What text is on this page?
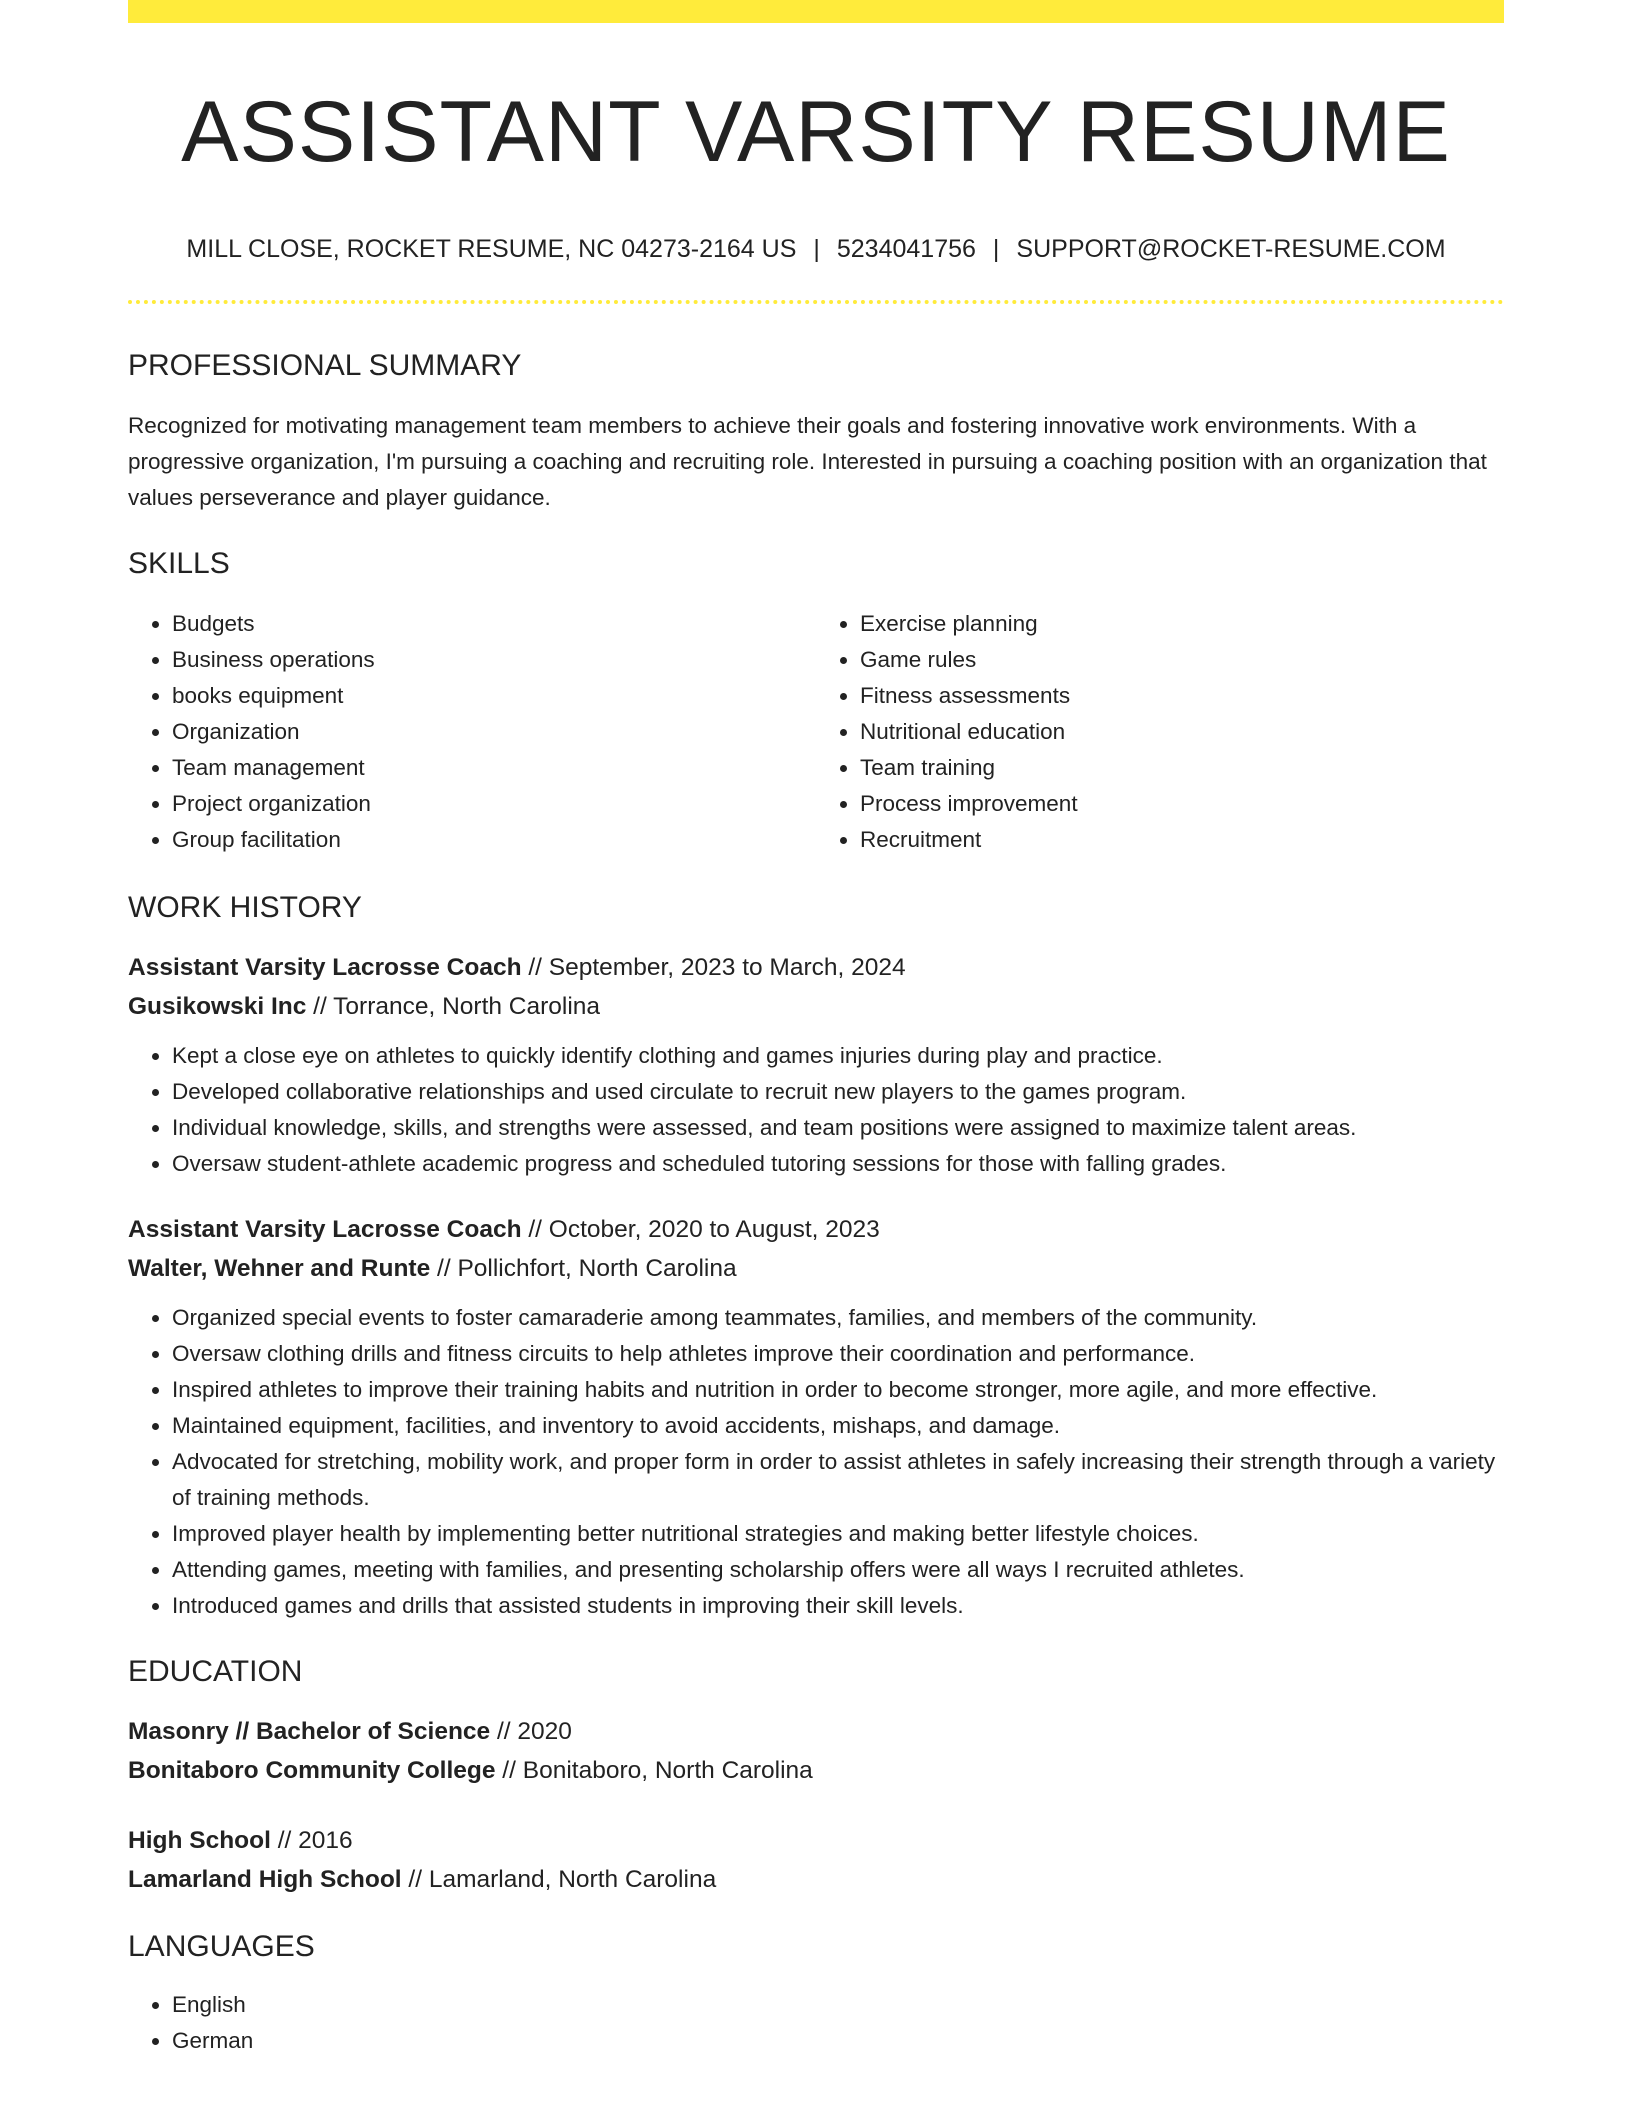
ASSISTANT VARSITY RESUME
MILL CLOSE, ROCKET RESUME, NC 04273-2164 US | 5234041756 | SUPPORT@ROCKET-RESUME.COM
PROFESSIONAL SUMMARY

Recognized for motivating management team members to achieve their goals and fostering innovative work environments. With a progressive organization, I'm pursuing a coaching and recruiting role. Interested in pursuing a coaching position with an organization that values perseverance and player guidance.

SKILLS
• Budgets
• Business operations
• books equipment
• Organization
• Team management
• Project organization
• Group facilitation
• Exercise planning
• Game rules
• Fitness assessments
• Nutritional education
• Team training
• Process improvement
• Recruitment
WORK HISTORY
Assistant Varsity Lacrosse Coach // September, 2023 to March, 2024
Gusikowski Inc // Torrance, North Carolina
• Kept a close eye on athletes to quickly identify clothing and games injuries during play and practice.
• Developed collaborative relationships and used circulate to recruit new players to the games program.
• Individual knowledge, skills, and strengths were assessed, and team positions were assigned to maximize talent areas.
• Oversaw student-athlete academic progress and scheduled tutoring sessions for those with falling grades.
Assistant Varsity Lacrosse Coach // October, 2020 to August, 2023
Walter, Wehner and Runte // Pollichfort, North Carolina
• Organized special events to foster camaraderie among teammates, families, and members of the community.
• Oversaw clothing drills and fitness circuits to help athletes improve their coordination and performance.
• Inspired athletes to improve their training habits and nutrition in order to become stronger, more agile, and more effective.
• Maintained equipment, facilities, and inventory to avoid accidents, mishaps, and damage.
• Advocated for stretching, mobility work, and proper form in order to assist athletes in safely increasing their strength through a variety of training methods.
• Improved player health by implementing better nutritional strategies and making better lifestyle choices.
• Attending games, meeting with families, and presenting scholarship offers were all ways I recruited athletes.
• Introduced games and drills that assisted students in improving their skill levels.
EDUCATION
Masonry // Bachelor of Science // 2020
Bonitaboro Community College // Bonitaboro, North Carolina
High School // 2016
Lamarland High School // Lamarland, North Carolina
LANGUAGES
• English
• German
